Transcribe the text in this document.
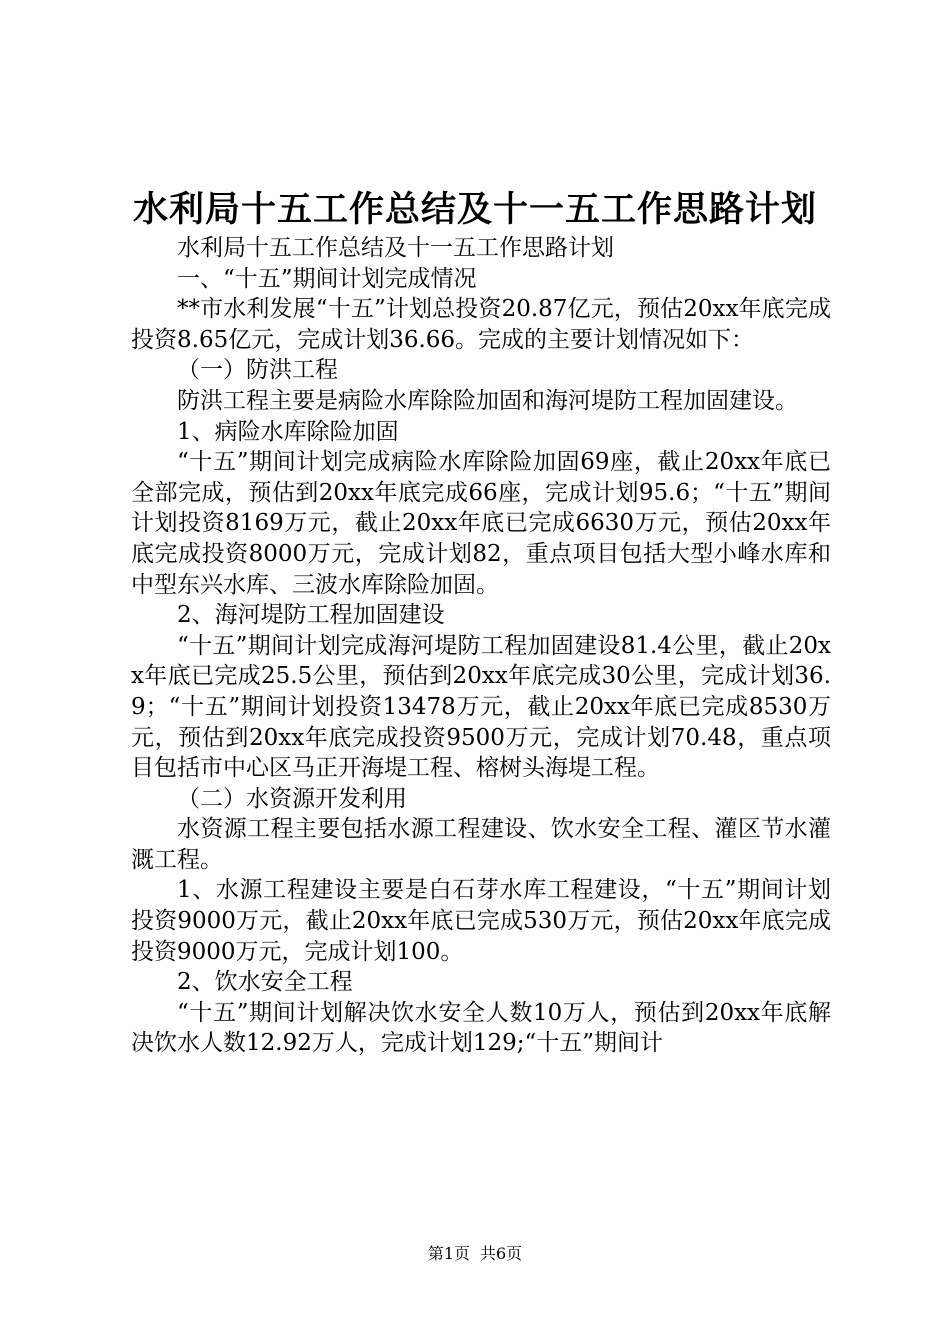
水利局十五工作总结及十一五工作思路计划

水利局十五工作总结及十一五工作思路计划

一、“十五”期间计划完成情况

**市水利发展“十五”计划总投资20.87亿元，预估20xx年底完成投资8.65亿元，完成计划36.66。完成的主要计划情况如下：

（一）防洪工程

防洪工程主要是病险水库除险加固和海河堤防工程加固建设。

1、病险水库除险加固

“十五”期间计划完成病险水库除险加固69座，截止20xx年底已全部完成，预估到20xx年底完成66座，完成计划95.6；“十五”期间计划投资8169万元，截止20xx年底已完成6630万元，预估20xx年底完成投资8000万元，完成计划82，重点项目包括大型小峰水库和中型东兴水库、三波水库除险加固。

2、海河堤防工程加固建设

“十五”期间计划完成海河堤防工程加固建设81.4公里，截止20xx年底已完成25.5公里，预估到20xx年底完成30公里，完成计划36.9；“十五”期间计划投资13478万元，截止20xx年底已完成8530万元，预估到20xx年底完成投资9500万元，完成计划70.48，重点项目包括市中心区马正开海堤工程、榕树头海堤工程。

（二）水资源开发利用

水资源工程主要包括水源工程建设、饮水安全工程、灌区节水灌溉工程。

1、水源工程建设主要是白石芽水库工程建设，“十五”期间计划投资9000万元，截止20xx年底已完成530万元，预估20xx年底完成投资9000万元，完成计划100。

2、饮水安全工程

“十五”期间计划解决饮水安全人数10万人，预估到20xx年底解决饮水人数12.92万人，完成计划129;“十五”期间计

第1页 共6页
